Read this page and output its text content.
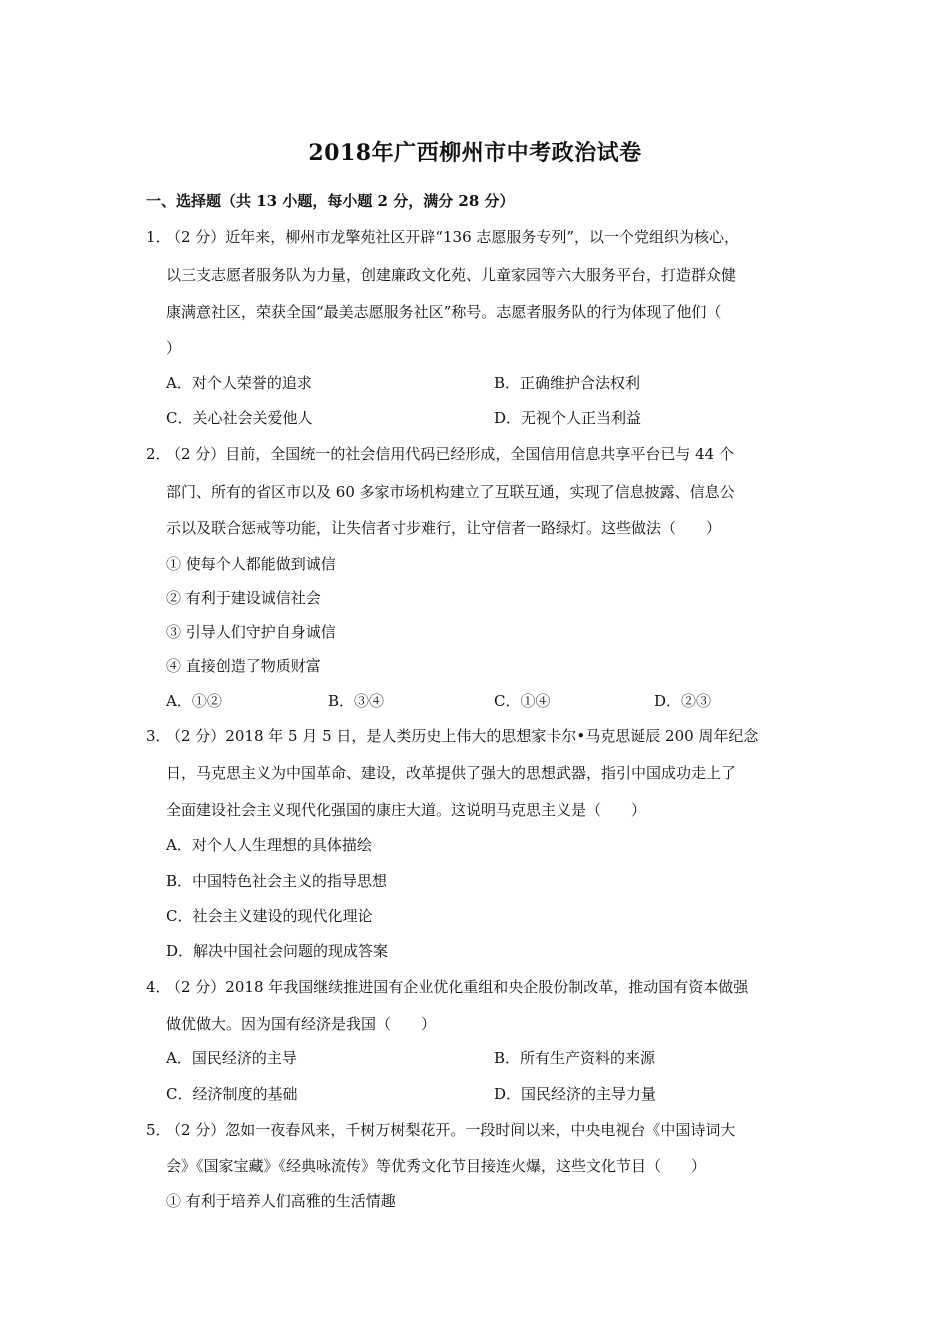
2018年广西柳州市中考政治试卷
一、选择题（共 13 小题，每小题 2 分，满分 28 分）
1．
（2 分）近年来，柳州市龙擎苑社区开辟“136 志愿服务专列”，以一个党组织为核心，
以三支志愿者服务队为力量，创建廉政文化苑、儿童家园等六大服务平台，打造群众健
康满意社区，荣获全国“最美志愿服务社区”称号。志愿者服务队的行为体现了他们（
）
A．对个人荣誉的追求	B．正确维护合法权利
C．关心社会关爱他人	D．无视个人正当利益
2．
（2 分）目前，全国统一的社会信用代码已经形成，全国信用信息共享平台已与 44 个
部门、所有的省区市以及 60 多家市场机构建立了互联互通，实现了信息披露、信息公
示以及联合惩戒等功能，让失信者寸步难行，让守信者一路绿灯。这些做法（　　）
① 使每个人都能做到诚信
② 有利于建设诚信社会
③ 引导人们守护自身诚信
④ 直接创造了物质财富
A．①②	B．③④	C．①④	D．②③
3．
（2 分）2018 年 5 月 5 日，是人类历史上伟大的思想家卡尔•马克思诞辰 200 周年纪念
日，马克思主义为中国革命、建设，改革提供了强大的思想武器，指引中国成功走上了
全面建设社会主义现代化强国的康庄大道。这说明马克思主义是（　　）
A．对个人人生理想的具体描绘
B．中国特色社会主义的指导思想
C．社会主义建设的现代化理论
D．解决中国社会问题的现成答案
4．
（2 分）2018 年我国继续推进国有企业优化重组和央企股份制改革，推动国有资本做强
做优做大。因为国有经济是我国（　　）
A．国民经济的主导	B．所有生产资料的来源
C．经济制度的基础	D．国民经济的主导力量
5．
（2 分）忽如一夜春风来，千树万树梨花开。一段时间以来，中央电视台《中国诗词大
会》《国家宝藏》《经典咏流传》等优秀文化节目接连火爆，这些文化节目（　　）
① 有利于培养人们高雅的生活情趣
